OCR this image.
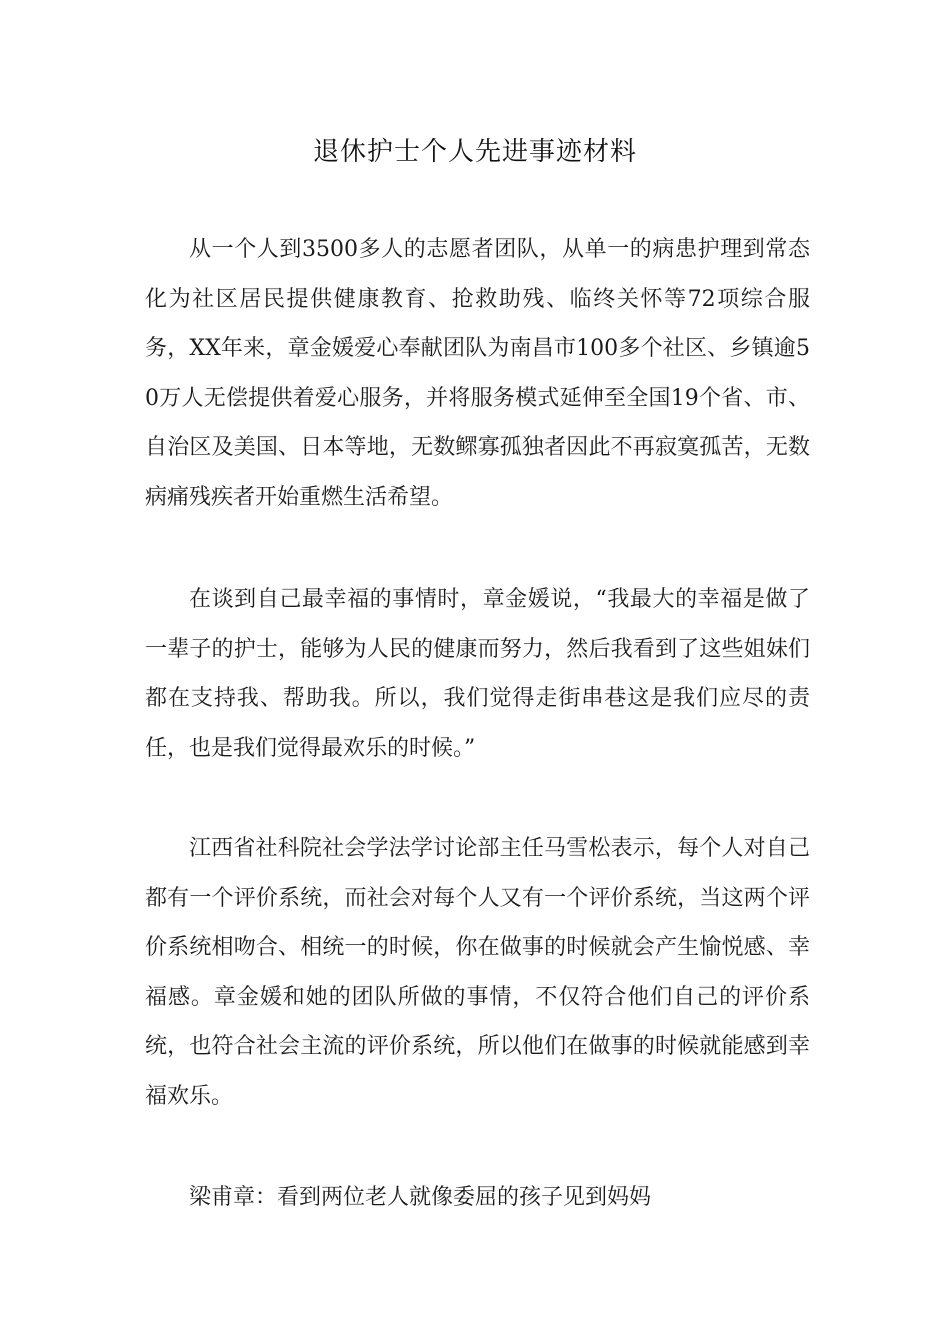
退休护士个人先进事迹材料

从一个人到3500多人的志愿者团队，从单一的病患护理到常态化为社区居民提供健康教育、抢救助残、临终关怀等72项综合服务，XX年来，章金媛爱心奉献团队为南昌市100多个社区、乡镇逾50万人无偿提供着爱心服务，并将服务模式延伸至全国19个省、市、自治区及美国、日本等地，无数鳏寡孤独者因此不再寂寞孤苦，无数病痛残疾者开始重燃生活希望。

在谈到自己最幸福的事情时，章金媛说，“我最大的幸福是做了一辈子的护士，能够为人民的健康而努力，然后我看到了这些姐妹们都在支持我、帮助我。所以，我们觉得走街串巷这是我们应尽的责任，也是我们觉得最欢乐的时候。”

江西省社科院社会学法学讨论部主任马雪松表示，每个人对自己都有一个评价系统，而社会对每个人又有一个评价系统，当这两个评价系统相吻合、相统一的时候，你在做事的时候就会产生愉悦感、幸福感。章金媛和她的团队所做的事情，不仅符合他们自己的评价系统，也符合社会主流的评价系统，所以他们在做事的时候就能感到幸福欢乐。

梁甫章：看到两位老人就像委屈的孩子见到妈妈
